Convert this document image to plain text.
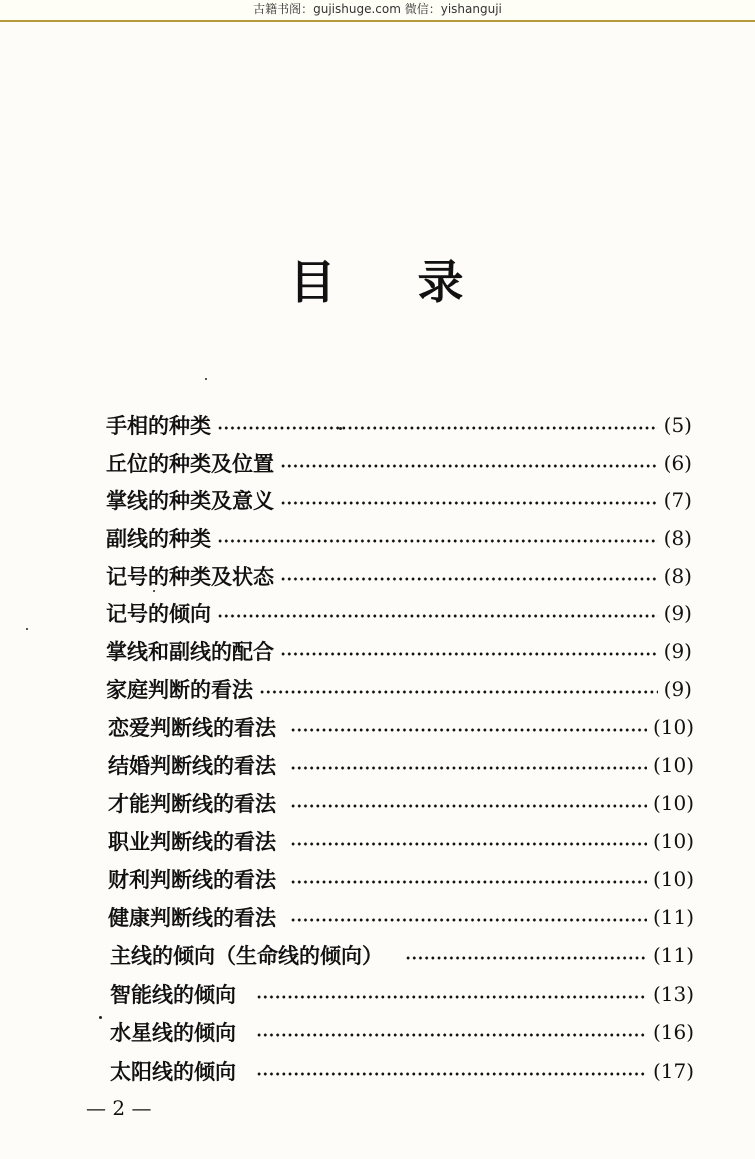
古籍书阁：gujishuge.com 微信：yishanguji
目 录
手相的种类	(5)
丘位的种类及位置	(6)
掌线的种类及意义	(7)
副线的种类	(8)
记号的种类及状态	(8)
记号的倾向	(9)
掌线和副线的配合	(9)
家庭判断的看法	(9)
恋爱判断线的看法	(10)
结婚判断线的看法	(10)
才能判断线的看法	(10)
职业判断线的看法	(10)
财利判断线的看法	(10)
健康判断线的看法	(11)
主线的倾向（生命线的倾向）	(11)
智能线的倾向	(13)
水星线的倾向	(16)
太阳线的倾向	(17)
— 2 —
